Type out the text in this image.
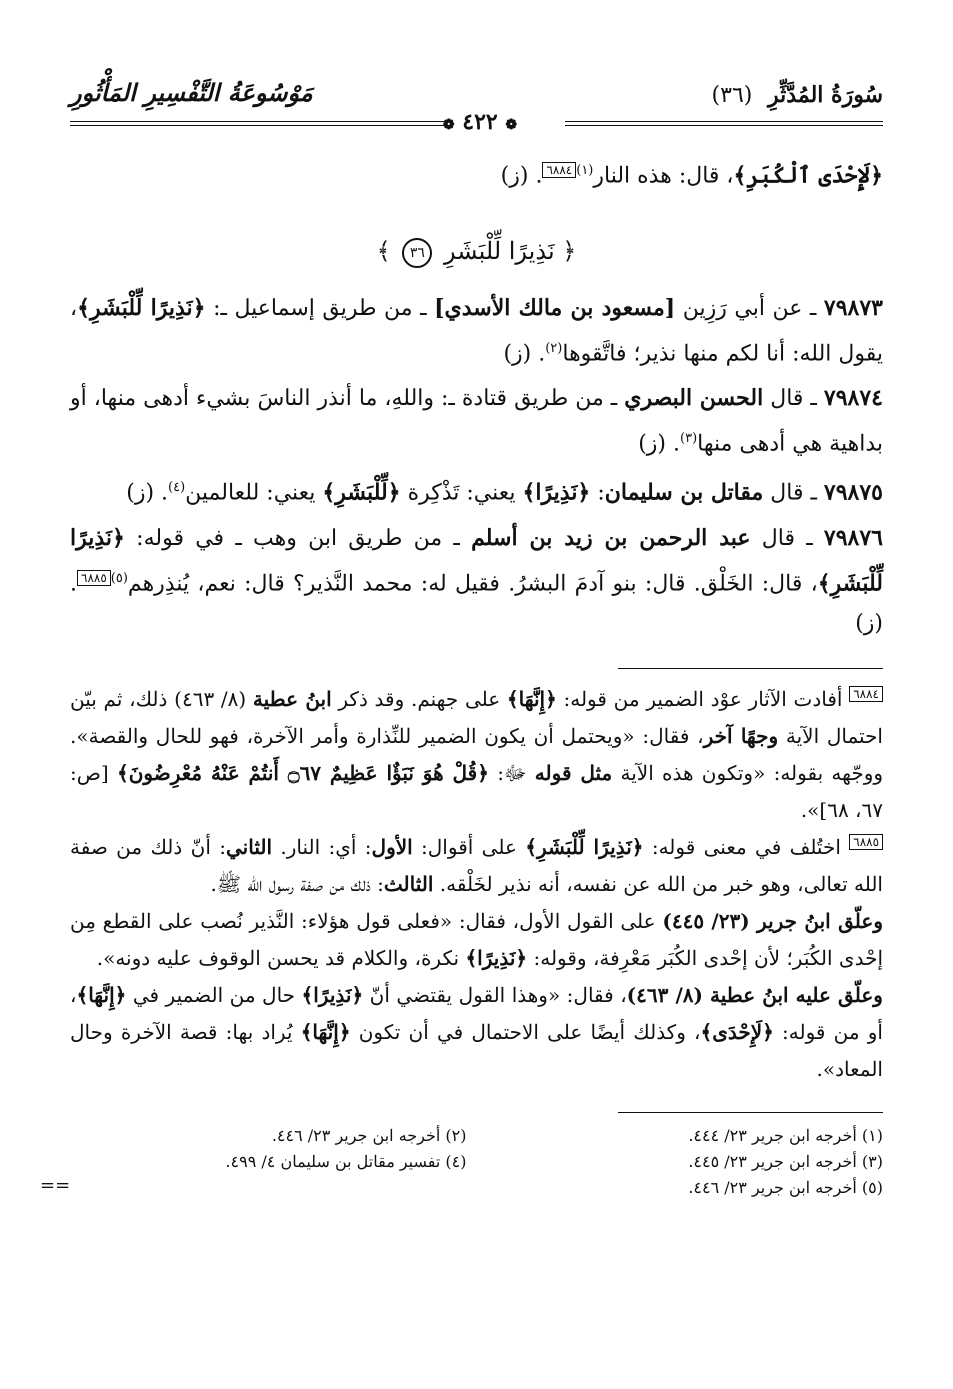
سُورَةُ المُدَّثِّرِ (٣٦)
مَوْسُوعَةُ التَّفْسِيرِ المَأْثُورِ
❁ ٤٢٢ ❁

﴿لَإِحْدَى ٱلْكُبَرِ﴾، قال: هذه النار$^{(١)}$٦٨٨٤. (ز)

﴿ نَذِيرًا لِّلْبَشَرِ ٣٦ ﴾

٧٩٨٧٣ ـ عن أبي رَزِين [مسعود بن مالك الأسدي] ـ من طريق إسماعيل ـ: ﴿نَذِيرًا لِّلْبَشَرِ﴾، يقول الله: أنا لكم منها نذير؛ فاتَّقوها$^{(٢)}$. (ز)

٧٩٨٧٤ ـ قال الحسن البصري ـ من طريق قتادة ـ: واللهِ، ما أنذر الناسَ بشيء أدهى منها، أو بداهية هي أدهى منها$^{(٣)}$. (ز)

٧٩٨٧٥ ـ قال مقاتل بن سليمان: ﴿نَذِيرًا﴾ يعني: تَذْكِرة ﴿لِّلْبَشَرِ﴾ يعني: للعالمين$^{(٤)}$. (ز)

٧٩٨٧٦ ـ قال عبد الرحمن بن زيد بن أسلم ـ من طريق ابن وهب ـ في قوله: ﴿نَذِيرًا لِّلْبَشَرِ﴾، قال: الخَلْق. قال: بنو آدمَ البشرُ. فقيل له: محمد النَّذير؟ قال: نعم، يُنذِرهم$^{(٥)}$٦٨٨٥. (ز)

٦٨٨٤ أفادت الآثار عوْد الضمير من قوله: ﴿إِنَّهَا﴾ على جهنم. وقد ذكر ابنُ عطية (٨/ ٤٦٣) ذلك، ثم بيّن احتمال الآية وجهًا آخر، فقال: «ويحتمل أن يكون الضمير للنِّذارة وأمر الآخرة، فهو للحال والقصة». ووجّهه بقوله: «وتكون هذه الآية مثل قوله ﷻ: ﴿قُلْ هُوَ نَبَؤٌا عَظِيمٌ ۝٦٧ أَنتُمْ عَنْهُ مُعْرِضُونَ﴾ [ص: ٦٧، ٦٨]».

٦٨٨٥ اختُلف في معنى قوله: ﴿نَذِيرًا لِّلْبَشَرِ﴾ على أقوال: الأول: أي: النار. الثاني: أنّ ذلك من صفة الله تعالى، وهو خبر من الله عن نفسه، أنه نذير لخَلْقه. الثالث: ذلك من صفة رسول الله ﷺ.

وعلّق ابنُ جرير (٢٣/ ٤٤٥) على القول الأول، فقال: «فعلى قول هؤلاء: النَّذير نُصب على القطع مِن إحْدى الكُبَر؛ لأن إحْدى الكُبَر مَعْرِفة، وقوله: ﴿نَذِيرًا﴾ نكرة، والكلام قد يحسن الوقوف عليه دونه».

وعلّق عليه ابنُ عطية (٨/ ٤٦٣)، فقال: «وهذا القول يقتضي أنّ ﴿نَذِيرًا﴾ حال من الضمير في ﴿إِنَّهَا﴾، أو من قوله: ﴿لَإِحْدَى﴾، وكذلك أيضًا على الاحتمال في أن تكون ﴿إِنَّهَا﴾ يُراد بها: قصة الآخرة وحال المعاد».

(١) أخرجه ابن جرير ٢٣/ ٤٤٤.
(٢) أخرجه ابن جرير ٢٣/ ٤٤٦.
(٣) أخرجه ابن جرير ٢٣/ ٤٤٥.
(٤) تفسير مقاتل بن سليمان ٤/ ٤٩٩.
(٥) أخرجه ابن جرير ٢٣/ ٤٤٦.
==
